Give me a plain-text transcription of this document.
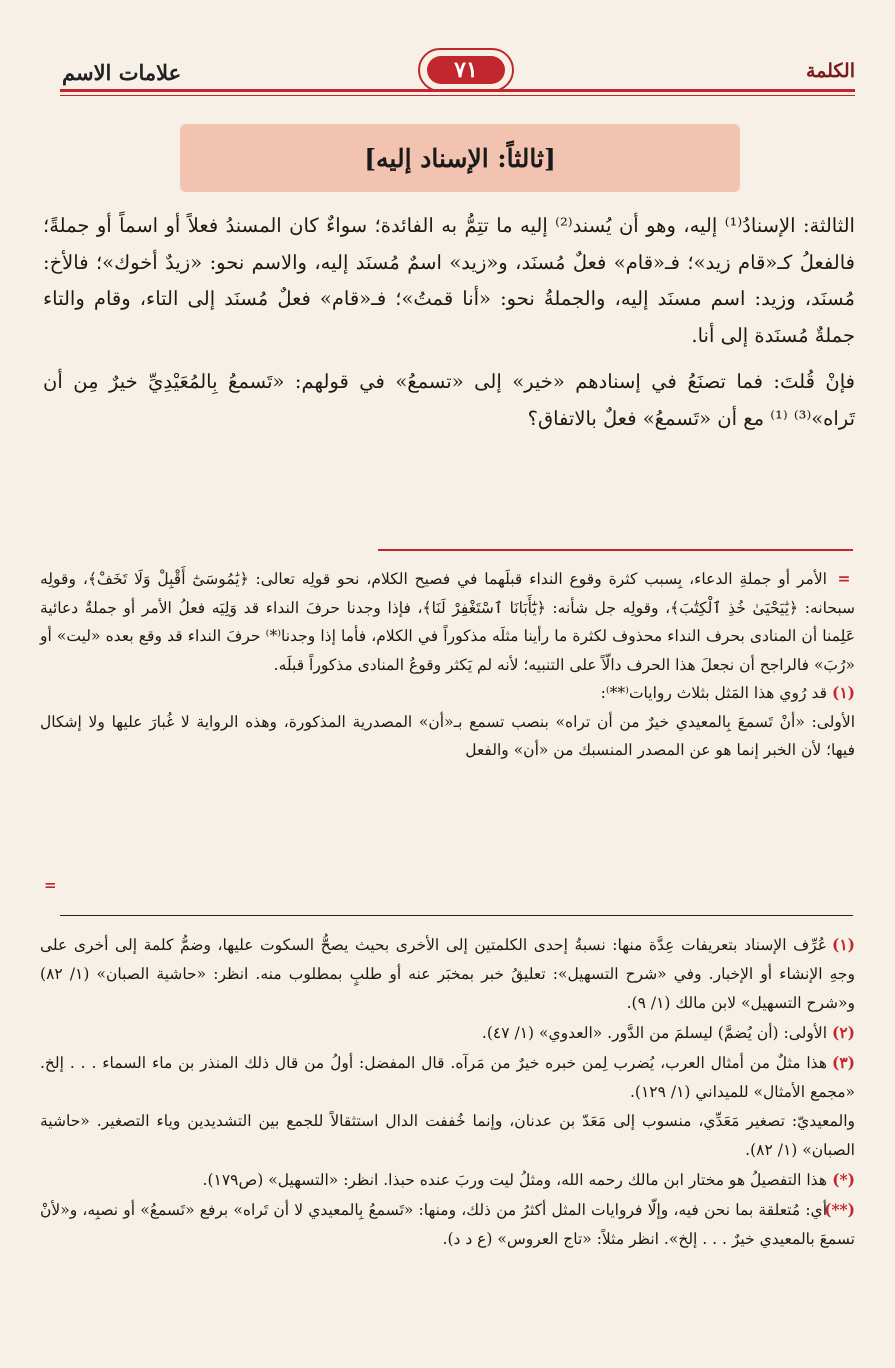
الكلمة
٧١
علامات الاسم
[ثالثاً: الإسناد إليه]

الثالثة: الإسنادُ⁽¹⁾ إليه، وهو أن يُسند⁽²⁾ إليه ما تتِمُّ به الفائدة؛ سواءٌ كان المسندُ فعلاً أو اسماً أو جملةً؛ فالفعلُ كـ«قام زيد»؛ فـ«قام» فعلٌ مُسنَد، و«زيد» اسمٌ مُسنَد إليه، والاسم نحو: «زيدٌ أخوك»؛ فالأخ: مُسنَد، وزيد: اسم مسنَد إليه، والجملةُ نحو: «أنا قمتُ»؛ فـ«قام» فعلٌ مُسنَد إلى التاء، وقام والتاء جملةٌ مُسنَدة إلى أنا.

فإنْ قُلتَ: فما تصنَعُ في إسنادهم «خير» إلى «تسمعُ» في قولهم: «تَسمعُ بِالمُعَيْدِيِّ خيرٌ مِن أن تَراه»⁽³⁾ ⁽¹⁾ مع أن «تَسمعُ» فعلٌ بالاتفاق؟

=الأمر أو جملةِ الدعاء، بِسبب كثرة وقوع النداء قبلَهما في فصيح الكلام، نحو قولِه تعالى: ﴿يَٰمُوسَىٰٓ أَقْبِلْ وَلَا تَخَفْ﴾، وقولِه سبحانه: ﴿يَٰيَحْيَىٰ خُذِ ٱلْكِتَٰبَ﴾، وقولِه جل شأنه: ﴿يَٰٓأَبَانَا ٱسْتَغْفِرْ لَنَا﴾، فإذا وجدنا حرفَ النداء قد وَلِيَه فعلُ الأمر أو جملةٌ دعائية عَلِمنا أن المنادى بحرف النداء محذوف لكثرة ما رأينا مثلَه مذكوراً في الكلام، فأما إذا وجدنا⁽*⁾ حرفَ النداء قد وقع بعده «ليت» أو «رُبَ» فالراجح أن نجعلَ هذا الحرف دالّاً على التنبيه؛ لأنه لم يَكثر وقوعُ المنادى مذكوراً قبلَه.

(١)قد رُوي هذا المَثل بثلاث روايات⁽**⁾:

الأولى: «أنْ تَسمعَ بِالمعيدي خيرٌ من أن تراه» بنصب تسمع بـ«أن» المصدرية المذكورة، وهذه الرواية لا غُبارَ عليها ولا إشكال فيها؛ لأن الخبر إنما هو عن المصدر المنسبك من «أن» والفعل

=

(١)عُرِّف الإسناد بتعريفات عِدَّة منها: نسبةُ إحدى الكلمتين إلى الأخرى بحيث يصحُّ السكوت عليها، وضمُّ كلمة إلى أخرى على وجهِ الإنشاء أو الإخبار. وفي «شرح التسهيل»: تعليقُ خبر بمخبَر عنه أو طلبٍ بمطلوب منه. انظر: «حاشية الصبان» (١/ ٨٢) و«شرح التسهيل» لابن مالك (١/ ٩).

(٢)الأولى: (أن يُضمَّ) ليسلمَ من الدَّور. «العدوي» (١/ ٤٧).

(٣)هذا مثلٌ من أمثال العرب، يُضرب لِمن خبره خيرٌ من مَرآه. قال المفضل: أولُ من قال ذلك المنذر بن ماء السماء . . . إلخ. «مجمع الأمثال» للميداني (١/ ١٢٩).

والمعيديّ: تصغير مَعَدِّي، منسوب إلى مَعَدّ بن عدنان، وإنما خُففت الدال استثقالاً للجمع بين التشديدين وياء التصغير. «حاشية الصبان» (١/ ٨٢).

(*)هذا التفصيلُ هو مختار ابن مالك رحمه الله، ومثلُ ليت وربَ عنده حبذا. انظر: «التسهيل» (ص١٧٩).

(**)أي: مُتعلقة بما نحن فيه، وإلّا فروايات المثل أكثرُ من ذلك، ومنها: «تَسمعُ بِالمعيدي لا أن تَراه» برفع «تَسمعُ» أو نصبِه، و«لأنْ تسمعَ بالمعيدي خيرٌ . . . إلخ». انظر مثلاً: «تاج العروس» (ع د د).
